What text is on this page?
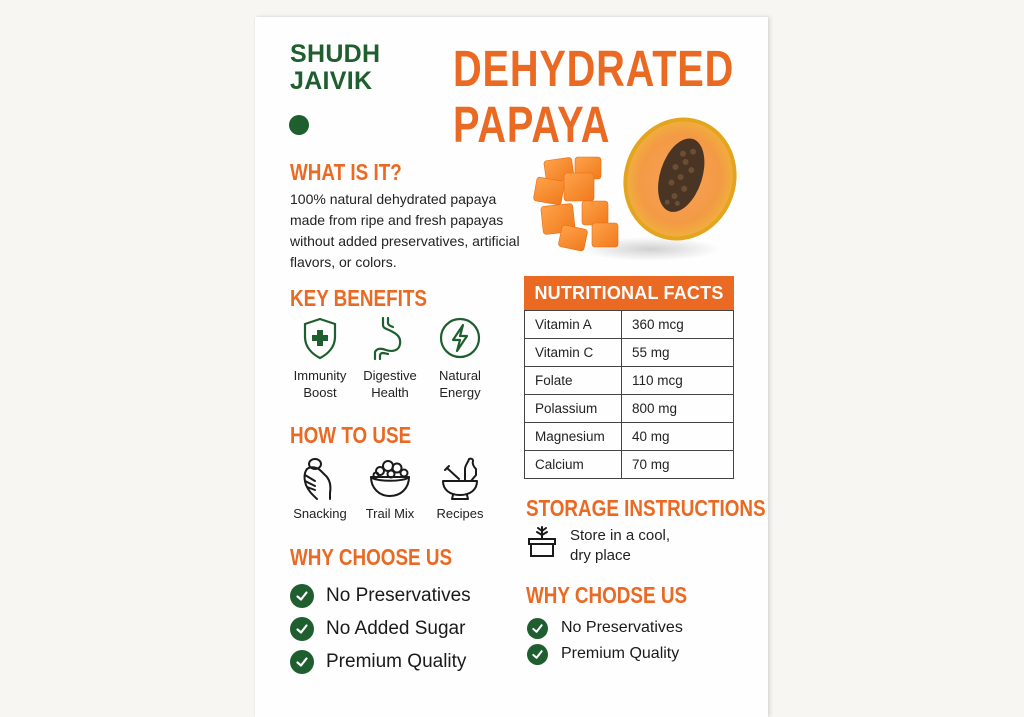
SHUDH
JAIVIK DEHYDRATED
PAPAYA
WHAT IS IT?
100% natural dehydrated papaya made from ripe and fresh papayas without added preservatives, artificial flavors, or colors.
KEY BENEFITS
Immunity
Boost
Digestive
Health
Natural
Energy
HOW TO USE
Snacking Trail Mix Recipes
WHY CHOOSE US
No Preservatives
No Added Sugar
Premium Quality
NUTRITIONAL FACTS
Vitamin A	360 mcg
Vitamin C	55 mg
Folate	110 mcg
Polassium	800 mg
Magnesium	40 mg
Calcium	70 mg
STORAGE INSTRUCTIONS
Store in a cool,
dry place
WHY CHODSE US
No Preservatives
Premium Quality
